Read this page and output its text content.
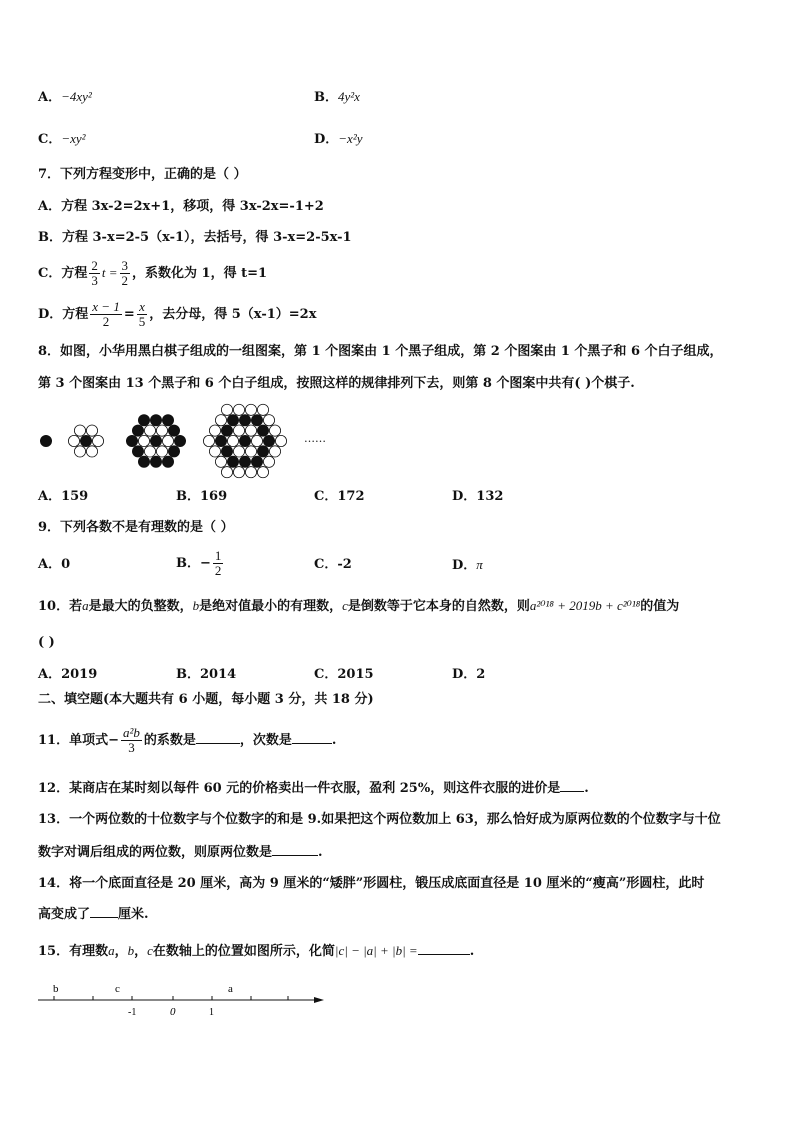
A．−4xy²	B．4y²x
C．−xy²	D．−x²y
7．下列方程变形中，正确的是（ ）
A．方程 3x-2=2x+1，移项，得 3x-2x=-1+2
B．方程 3-x=2-5（x-1），去括号，得 3-x=2-5x-1
C．方程 $\frac{2}{3}$ $t = \frac{3}{2}$ ，系数化为 1，得 t=1
D．方程 $\frac{x - 1}{2} = \frac{x}{5}$ ，去分母，得 5（x-1）=2x
8．如图，小华用黑白棋子组成的一组图案，第 1 个图案由 1 个黑子组成，第 2 个图案由 1 个黑子和 6 个白子组成，
第 3 个图案由 13 个黑子和 6 个白子组成，按照这样的规律排列下去，则第 8 个图案中共有( )个棋子.
……
A．159	B．169	C．172	D．132
9．下列各数不是有理数的是（ ）
A．0	B．− $\frac{1}{2}$	C．-2	D．π
10．若a是最大的负整数，b是绝对值最小的有理数，c是倒数等于它本身的自然数，则a²⁰¹⁸ + 2019b + c²⁰¹⁸的值为
( )
A．2019	B．2014	C．2015	D．2
二、填空题(本大题共有 6 小题，每小题 3 分，共 18 分)
11．单项式− $\frac{\text{a²b}}{3}$ 的系数是	，次数是	.
12．某商店在某时刻以每件 60 元的价格卖出一件衣服，盈利 25%，则这件衣服的进价是 .
13．一个两位数的十位数字与个位数字的和是 9.如果把这个两位数加上 63，那么恰好成为原两位数的个位数字与十位
数字对调后组成的两位数，则原两位数是	.
14．将一个底面直径是 20 厘米，高为 9 厘米的“矮胖”形圆柱，锻压成底面直径是 10 厘米的“瘦高”形圆柱，此时
高变成了 厘米.
15．有理数a，b，c在数轴上的位置如图所示，化简|c| − |a| + |b| =	.
b	c	a
-1	0	1
